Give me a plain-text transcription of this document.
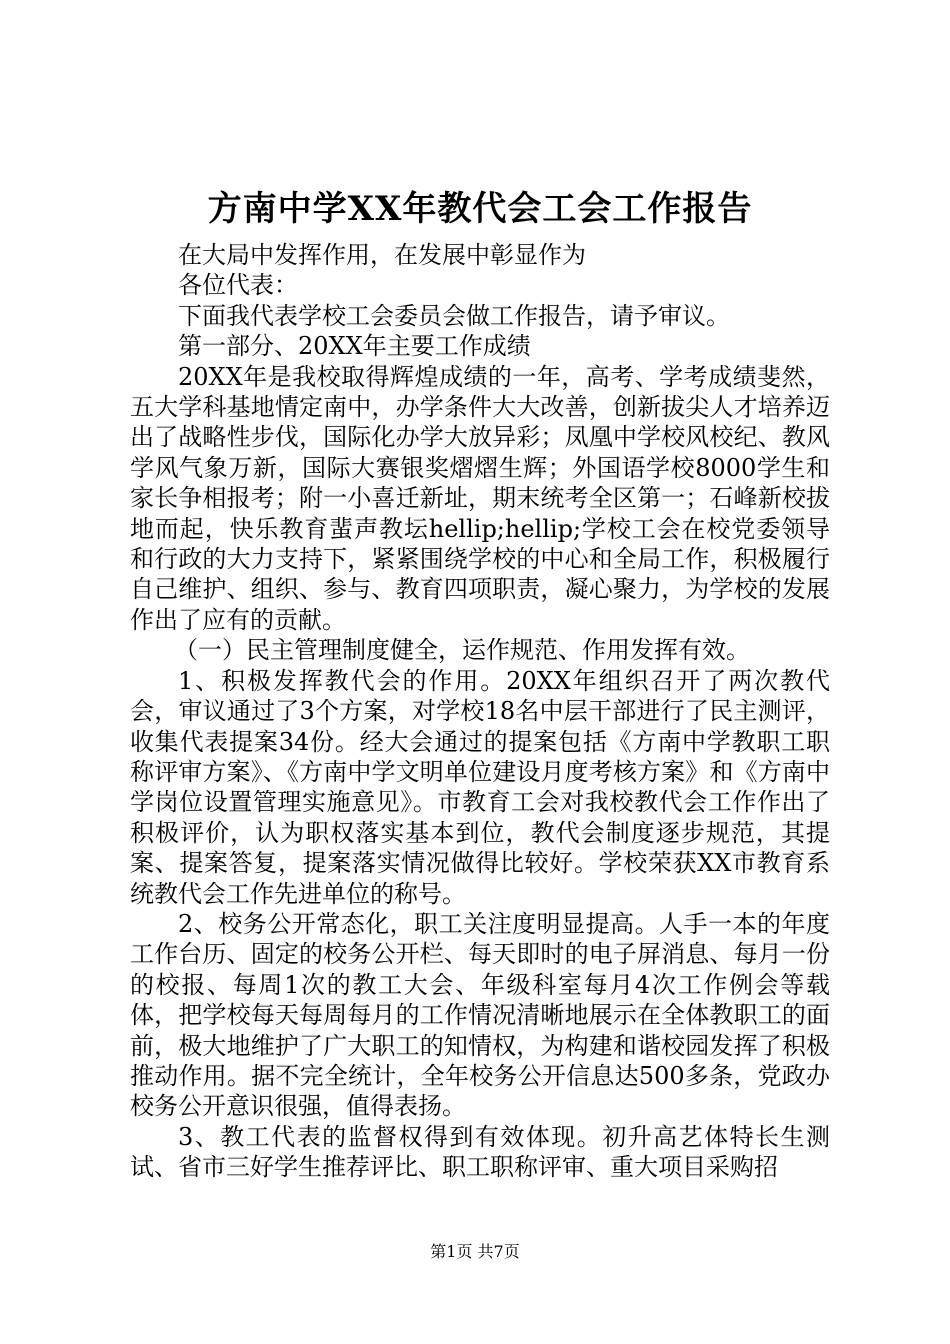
方南中学XX年教代会工会工作报告

在大局中发挥作用，在发展中彰显作为

各位代表：

下面我代表学校工会委员会做工作报告，请予审议。

第一部分、20XX年主要工作成绩

20XX年是我校取得辉煌成绩的一年，高考、学考成绩斐然，五大学科基地情定南中，办学条件大大改善，创新拔尖人才培养迈出了战略性步伐，国际化办学大放异彩；凤凰中学校风校纪、教风学风气象万新，国际大赛银奖熠熠生辉；外国语学校8000学生和家长争相报考；附一小喜迁新址，期末统考全区第一；石峰新校拔地而起，快乐教育蜚声教坛hellip;hellip;学校工会在校党委领导和行政的大力支持下，紧紧围绕学校的中心和全局工作，积极履行自己维护、组织、参与、教育四项职责，凝心聚力，为学校的发展作出了应有的贡献。

（一）民主管理制度健全，运作规范、作用发挥有效。

1、积极发挥教代会的作用。20XX年组织召开了两次教代会，审议通过了3个方案，对学校18名中层干部进行了民主测评，收集代表提案34份。经大会通过的提案包括《方南中学教职工职称评审方案》、《方南中学文明单位建设月度考核方案》和《方南中学岗位设置管理实施意见》。市教育工会对我校教代会工作作出了积极评价，认为职权落实基本到位，教代会制度逐步规范，其提案、提案答复，提案落实情况做得比较好。学校荣获XX市教育系统教代会工作先进单位的称号。

2、校务公开常态化，职工关注度明显提高。人手一本的年度工作台历、固定的校务公开栏、每天即时的电子屏消息、每月一份的校报、每周1次的教工大会、年级科室每月4次工作例会等载体，把学校每天每周每月的工作情况清晰地展示在全体教职工的面前，极大地维护了广大职工的知情权，为构建和谐校园发挥了积极推动作用。据不完全统计，全年校务公开信息达500多条，党政办校务公开意识很强，值得表扬。

3、教工代表的监督权得到有效体现。初升高艺体特长生测试、省市三好学生推荐评比、职工职称评审、重大项目采购招

第1页 共7页
